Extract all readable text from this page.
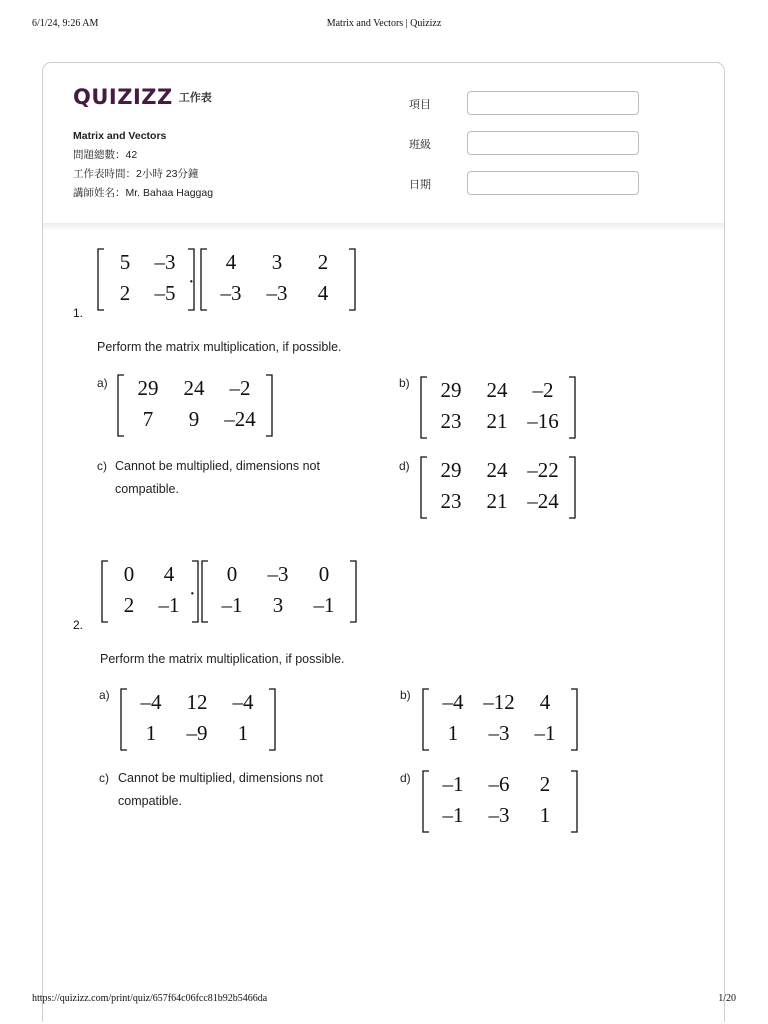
6/1/24, 9:26 AM	Matrix and Vectors | Quizizz
QUIZIZZ 工作表
Matrix and Vectors
問題總數：42
工作表時間：2小時 23分鐘
講師姓名：Mr. Bahaa Haggag
項目
班級
日期
5 –3
2 –5 ·
4 3 2
–3 –3 4
1.
Perform the matrix multiplication, if possible.
a) 29 24 –2
7 9 –24
b) 29 24 –2
23 21 –16
c) Cannot be multiplied, dimensions not compatible.
d) 29 24 –22
23 21 –24
0 4
2 –1 ·
0 –3 0
–1 3 –1
2.
Perform the matrix multiplication, if possible.
a) –4 12 –4
1 –9 1
b) –4 –12 4
1 –3 –1
c) Cannot be multiplied, dimensions not compatible.
d) –1 –6 2
–1 –3 1
https://quizizz.com/print/quiz/657f64c06fcc81b92b5466da	1/20
